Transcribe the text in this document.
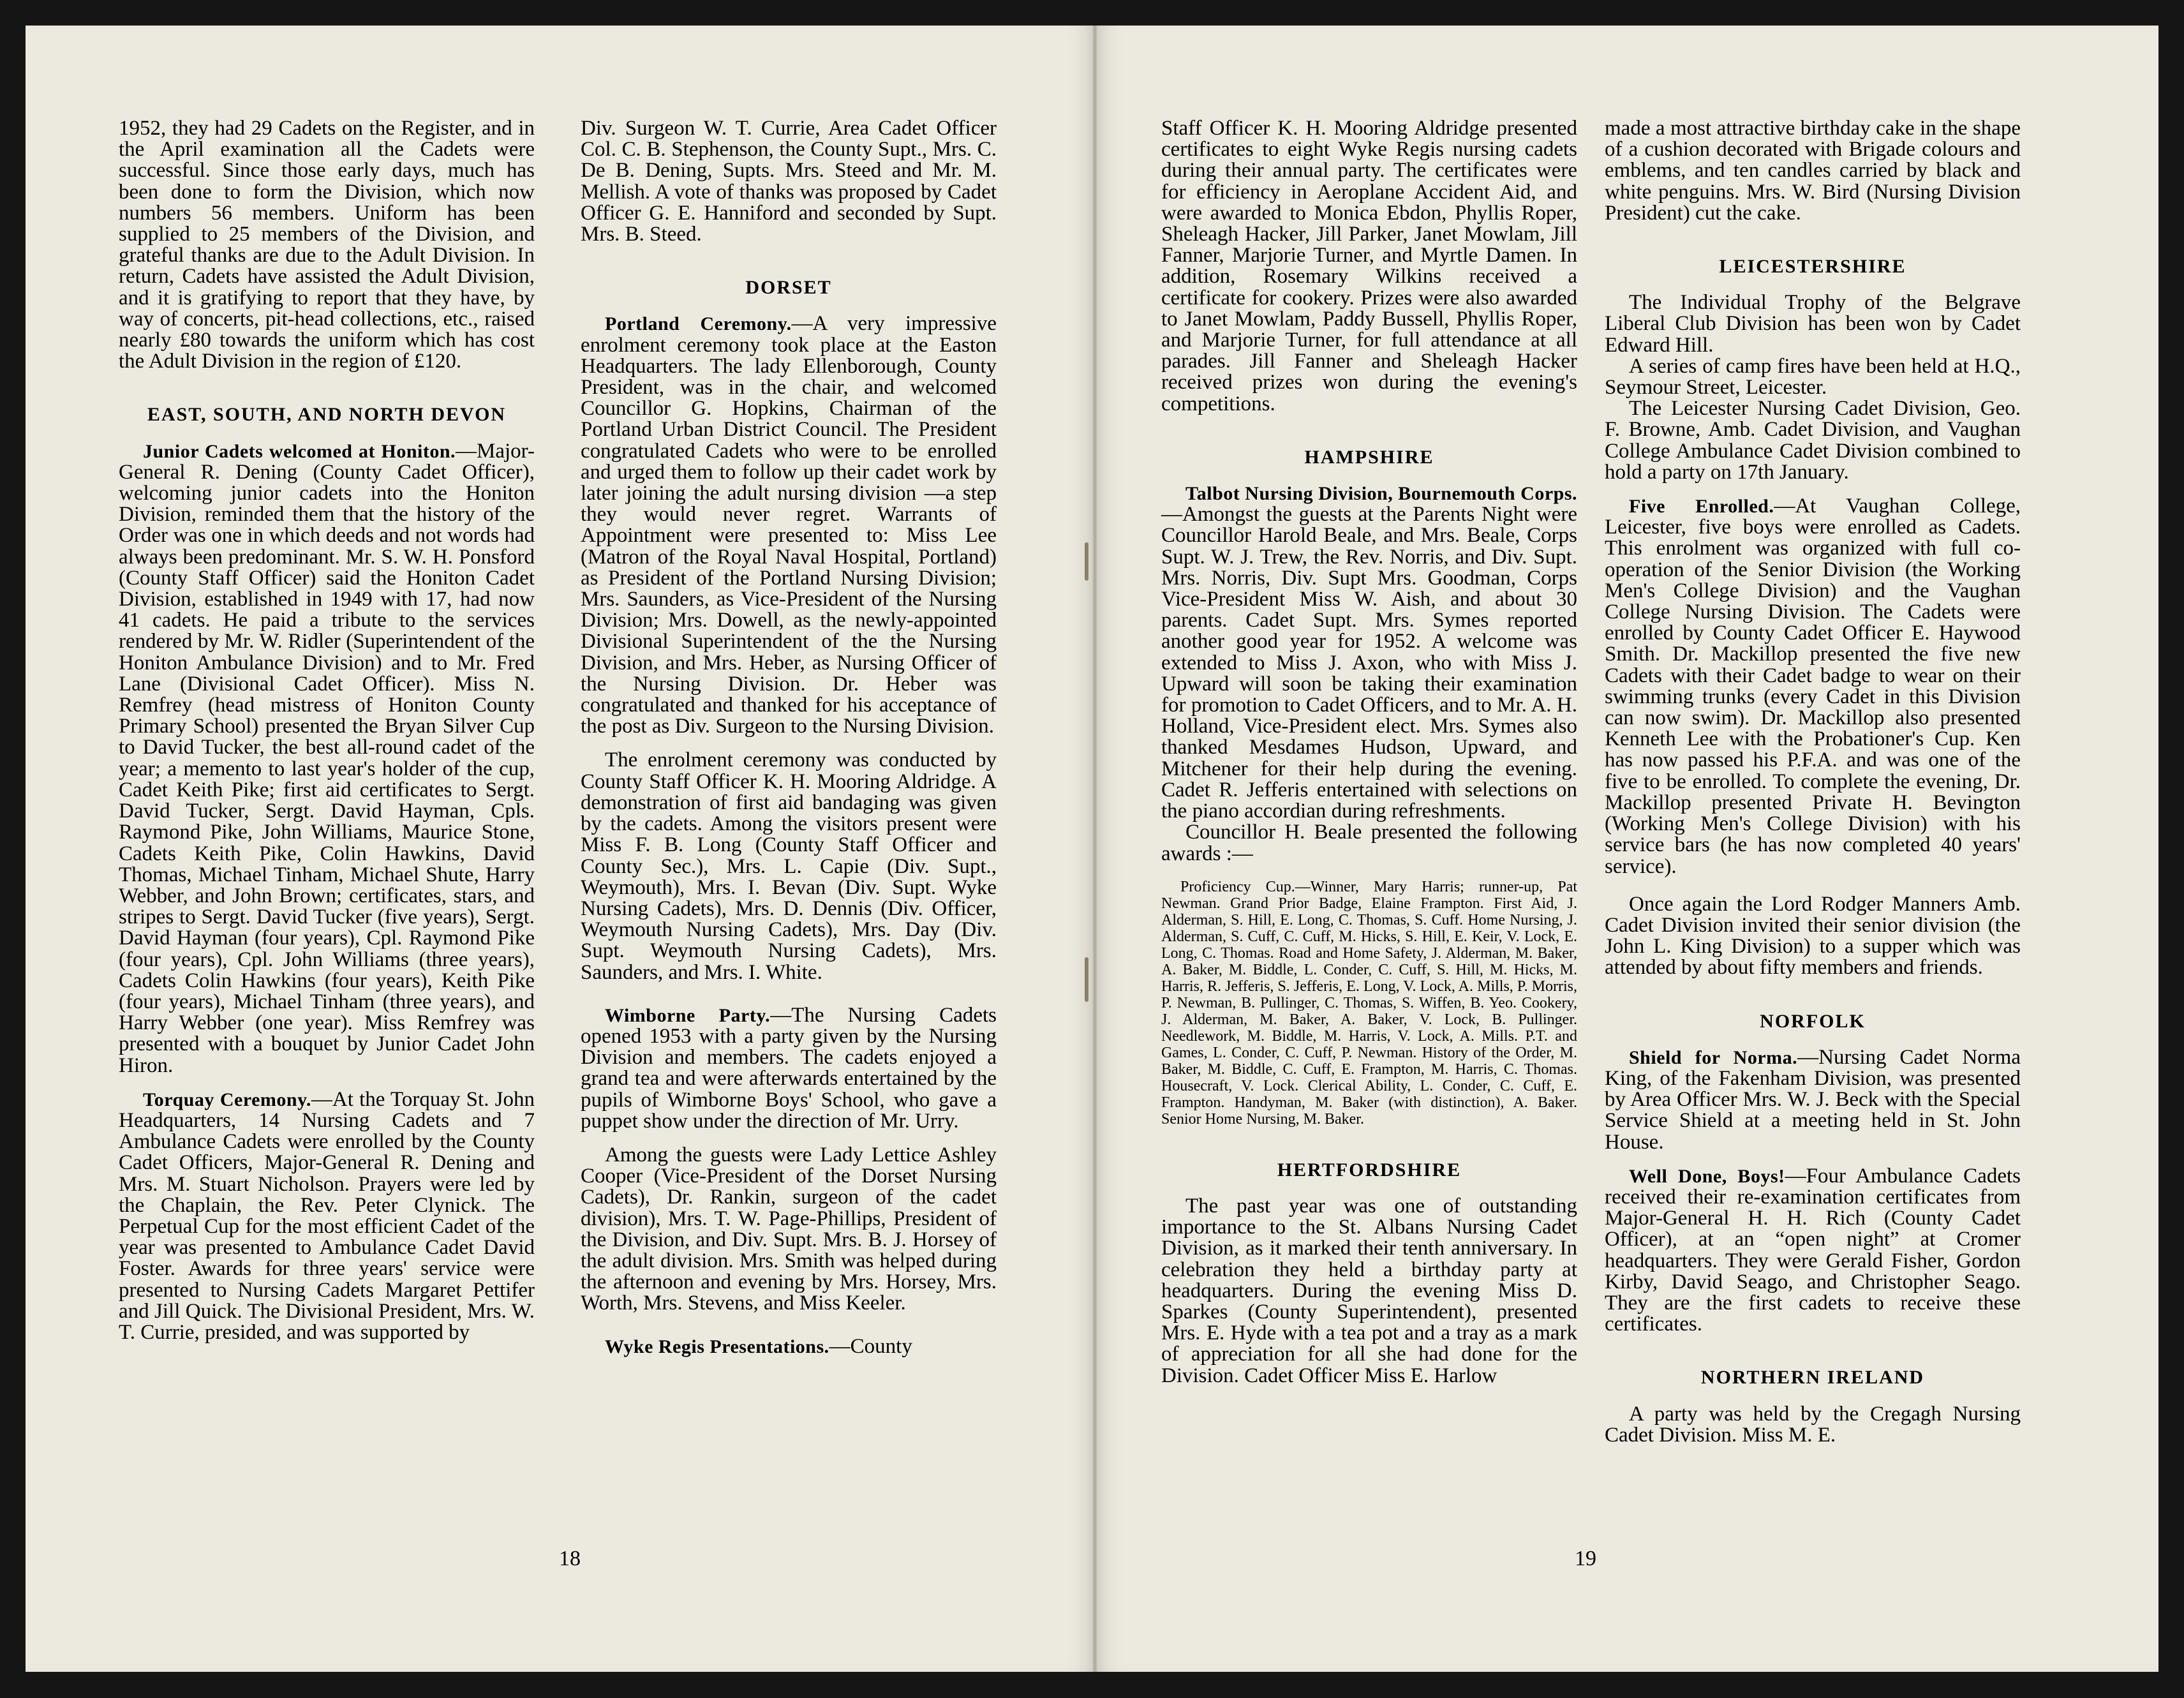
1952, they had 29 Cadets on the Register, and in the April examination all the Cadets were successful. Since those early days, much has been done to form the Division, which now numbers 56 members. Uniform has been supplied to 25 members of the Division, and grateful thanks are due to the Adult Division. In return, Cadets have assisted the Adult Division, and it is gratifying to report that they have, by way of concerts, pit-head collections, etc., raised nearly £80 towards the uniform which has cost the Adult Division in the region of £120.

EAST, SOUTH, AND NORTH DEVON

Junior Cadets welcomed at Honiton.—Major-General R. Dening (County Cadet Officer), welcoming junior cadets into the Honiton Division, reminded them that the history of the Order was one in which deeds and not words had always been predominant. Mr. S. W. H. Ponsford (County Staff Officer) said the Honiton Cadet Division, established in 1949 with 17, had now 41 cadets. He paid a tribute to the services rendered by Mr. W. Ridler (Superintendent of the Honiton Ambulance Division) and to Mr. Fred Lane (Divisional Cadet Officer). Miss N. Remfrey (head mistress of Honiton County Primary School) presented the Bryan Silver Cup to David Tucker, the best all-round cadet of the year; a memento to last year's holder of the cup, Cadet Keith Pike; first aid certificates to Sergt. David Tucker, Sergt. David Hayman, Cpls. Raymond Pike, John Williams, Maurice Stone, Cadets Keith Pike, Colin Hawkins, David Thomas, Michael Tinham, Michael Shute, Harry Webber, and John Brown; certificates, stars, and stripes to Sergt. David Tucker (five years), Sergt. David Hayman (four years), Cpl. Raymond Pike (four years), Cpl. John Williams (three years), Cadets Colin Hawkins (four years), Keith Pike (four years), Michael Tinham (three years), and Harry Webber (one year). Miss Remfrey was presented with a bouquet by Junior Cadet John Hiron.

Torquay Ceremony.—At the Torquay St. John Headquarters, 14 Nursing Cadets and 7 Ambulance Cadets were enrolled by the County Cadet Officers, Major-General R. Dening and Mrs. M. Stuart Nicholson. Prayers were led by the Chaplain, the Rev. Peter Clynick. The Perpetual Cup for the most efficient Cadet of the year was presented to Ambulance Cadet David Foster. Awards for three years' service were presented to Nursing Cadets Margaret Pettifer and Jill Quick. The Divisional President, Mrs. W. T. Currie, presided, and was supported by

Div. Surgeon W. T. Currie, Area Cadet Officer Col. C. B. Stephenson, the County Supt., Mrs. C. De B. Dening, Supts. Mrs. Steed and Mr. M. Mellish. A vote of thanks was proposed by Cadet Officer G. E. Hanniford and seconded by Supt. Mrs. B. Steed.

DORSET

Portland Ceremony.—A very impressive enrolment ceremony took place at the Easton Headquarters. The lady Ellenborough, County President, was in the chair, and welcomed Councillor G. Hopkins, Chairman of the Portland Urban District Council. The President congratulated Cadets who were to be enrolled and urged them to follow up their cadet work by later joining the adult nursing division —a step they would never regret. Warrants of Appointment were presented to: Miss Lee (Matron of the Royal Naval Hospital, Portland) as President of the Portland Nursing Division; Mrs. Saunders, as Vice-President of the Nursing Division; Mrs. Dowell, as the newly-appointed Divisional Superintendent of the the Nursing Division, and Mrs. Heber, as Nursing Officer of the Nursing Division. Dr. Heber was congratulated and thanked for his acceptance of the post as Div. Surgeon to the Nursing Division.

The enrolment ceremony was conducted by County Staff Officer K. H. Mooring Aldridge. A demonstration of first aid bandaging was given by the cadets. Among the visitors present were Miss F. B. Long (County Staff Officer and County Sec.), Mrs. L. Capie (Div. Supt., Weymouth), Mrs. I. Bevan (Div. Supt. Wyke Nursing Cadets), Mrs. D. Dennis (Div. Officer, Weymouth Nursing Cadets), Mrs. Day (Div. Supt. Weymouth Nursing Cadets), Mrs. Saunders, and Mrs. I. White.

Wimborne Party.—The Nursing Cadets opened 1953 with a party given by the Nursing Division and members. The cadets enjoyed a grand tea and were afterwards entertained by the pupils of Wimborne Boys' School, who gave a puppet show under the direction of Mr. Urry.

Among the guests were Lady Lettice Ashley Cooper (Vice-President of the Dorset Nursing Cadets), Dr. Rankin, surgeon of the cadet division), Mrs. T. W. Page-Phillips, President of the Division, and Div. Supt. Mrs. B. J. Horsey of the adult division. Mrs. Smith was helped during the afternoon and evening by Mrs. Horsey, Mrs. Worth, Mrs. Stevens, and Miss Keeler.

Wyke Regis Presentations.—County

Staff Officer K. H. Mooring Aldridge presented certificates to eight Wyke Regis nursing cadets during their annual party. The certificates were for efficiency in Aeroplane Accident Aid, and were awarded to Monica Ebdon, Phyllis Roper, Sheleagh Hacker, Jill Parker, Janet Mowlam, Jill Fanner, Marjorie Turner, and Myrtle Damen. In addition, Rosemary Wilkins received a certificate for cookery. Prizes were also awarded to Janet Mowlam, Paddy Bussell, Phyllis Roper, and Marjorie Turner, for full attendance at all parades. Jill Fanner and Sheleagh Hacker received prizes won during the evening's competitions.

HAMPSHIRE

Talbot Nursing Division, Bournemouth Corps.—Amongst the guests at the Parents Night were Councillor Harold Beale, and Mrs. Beale, Corps Supt. W. J. Trew, the Rev. Norris, and Div. Supt. Mrs. Norris, Div. Supt Mrs. Goodman, Corps Vice-President Miss W. Aish, and about 30 parents. Cadet Supt. Mrs. Symes reported another good year for 1952. A welcome was extended to Miss J. Axon, who with Miss J. Upward will soon be taking their examination for promotion to Cadet Officers, and to Mr. A. H. Holland, Vice-President elect. Mrs. Symes also thanked Mesdames Hudson, Upward, and Mitchener for their help during the evening. Cadet R. Jefferis entertained with selections on the piano accordian during refreshments.

Councillor H. Beale presented the following awards :—

Proficiency Cup.—Winner, Mary Harris; runner-up, Pat Newman. Grand Prior Badge, Elaine Frampton. First Aid, J. Alderman, S. Hill, E. Long, C. Thomas, S. Cuff. Home Nursing, J. Alderman, S. Cuff, C. Cuff, M. Hicks, S. Hill, E. Keir, V. Lock, E. Long, C. Thomas. Road and Home Safety, J. Alderman, M. Baker, A. Baker, M. Biddle, L. Conder, C. Cuff, S. Hill, M. Hicks, M. Harris, R. Jefferis, S. Jefferis, E. Long, V. Lock, A. Mills, P. Morris, P. Newman, B. Pullinger, C. Thomas, S. Wiffen, B. Yeo. Cookery, J. Alderman, M. Baker, A. Baker, V. Lock, B. Pullinger. Needlework, M. Biddle, M. Harris, V. Lock, A. Mills. P.T. and Games, L. Conder, C. Cuff, P. Newman. History of the Order, M. Baker, M. Biddle, C. Cuff, E. Frampton, M. Harris, C. Thomas. Housecraft, V. Lock. Clerical Ability, L. Conder, C. Cuff, E. Frampton. Handyman, M. Baker (with distinction), A. Baker. Senior Home Nursing, M. Baker.

HERTFORDSHIRE

The past year was one of outstanding importance to the St. Albans Nursing Cadet Division, as it marked their tenth anniversary. In celebration they held a birthday party at headquarters. During the evening Miss D. Sparkes (County Superintendent), presented Mrs. E. Hyde with a tea pot and a tray as a mark of appreciation for all she had done for the Division. Cadet Officer Miss E. Harlow

made a most attractive birthday cake in the shape of a cushion decorated with Brigade colours and emblems, and ten candles carried by black and white penguins. Mrs. W. Bird (Nursing Division President) cut the cake.

LEICESTERSHIRE

The Individual Trophy of the Belgrave Liberal Club Division has been won by Cadet Edward Hill.

A series of camp fires have been held at H.Q., Seymour Street, Leicester.

The Leicester Nursing Cadet Division, Geo. F. Browne, Amb. Cadet Division, and Vaughan College Ambulance Cadet Division combined to hold a party on 17th January.

Five Enrolled.—At Vaughan College, Leicester, five boys were enrolled as Cadets. This enrolment was organized with full co-operation of the Senior Division (the Working Men's College Division) and the Vaughan College Nursing Division. The Cadets were enrolled by County Cadet Officer E. Haywood Smith. Dr. Mackillop presented the five new Cadets with their Cadet badge to wear on their swimming trunks (every Cadet in this Division can now swim). Dr. Mackillop also presented Kenneth Lee with the Probationer's Cup. Ken has now passed his P.F.A. and was one of the five to be enrolled. To complete the evening, Dr. Mackillop presented Private H. Bevington (Working Men's College Division) with his service bars (he has now completed 40 years' service).

Once again the Lord Rodger Manners Amb. Cadet Division invited their senior division (the John L. King Division) to a supper which was attended by about fifty members and friends.

NORFOLK

Shield for Norma.—Nursing Cadet Norma King, of the Fakenham Division, was presented by Area Officer Mrs. W. J. Beck with the Special Service Shield at a meeting held in St. John House.

Well Done, Boys!—Four Ambulance Cadets received their re-examination certificates from Major-General H. H. Rich (County Cadet Officer), at an “open night” at Cromer headquarters. They were Gerald Fisher, Gordon Kirby, David Seago, and Christopher Seago. They are the first cadets to receive these certificates.

NORTHERN IRELAND

A party was held by the Cregagh Nursing Cadet Division. Miss M. E.

18	19
